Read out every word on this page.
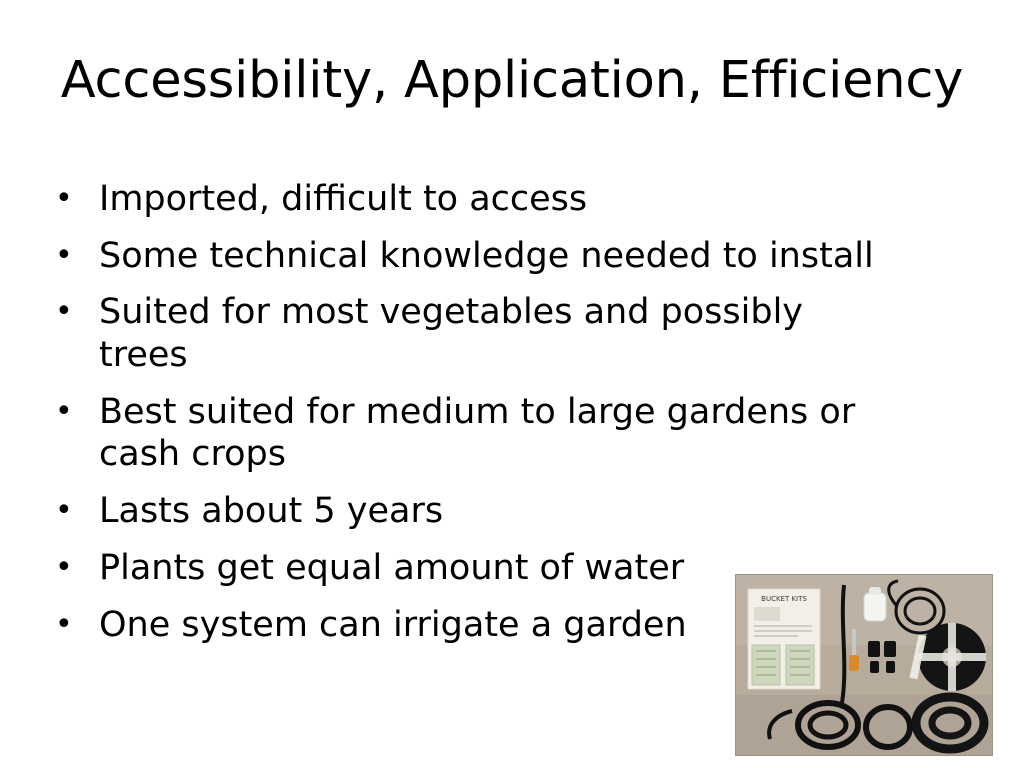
Accessibility, Application, Efficiency
• Imported, difficult to access
• Some technical knowledge needed to install
• Suited for most vegetables and possibly trees
• Best suited for medium to large gardens or cash crops
• Lasts about 5 years
• Plants get equal amount of water
• One system can irrigate a garden
BUCKET KITS
